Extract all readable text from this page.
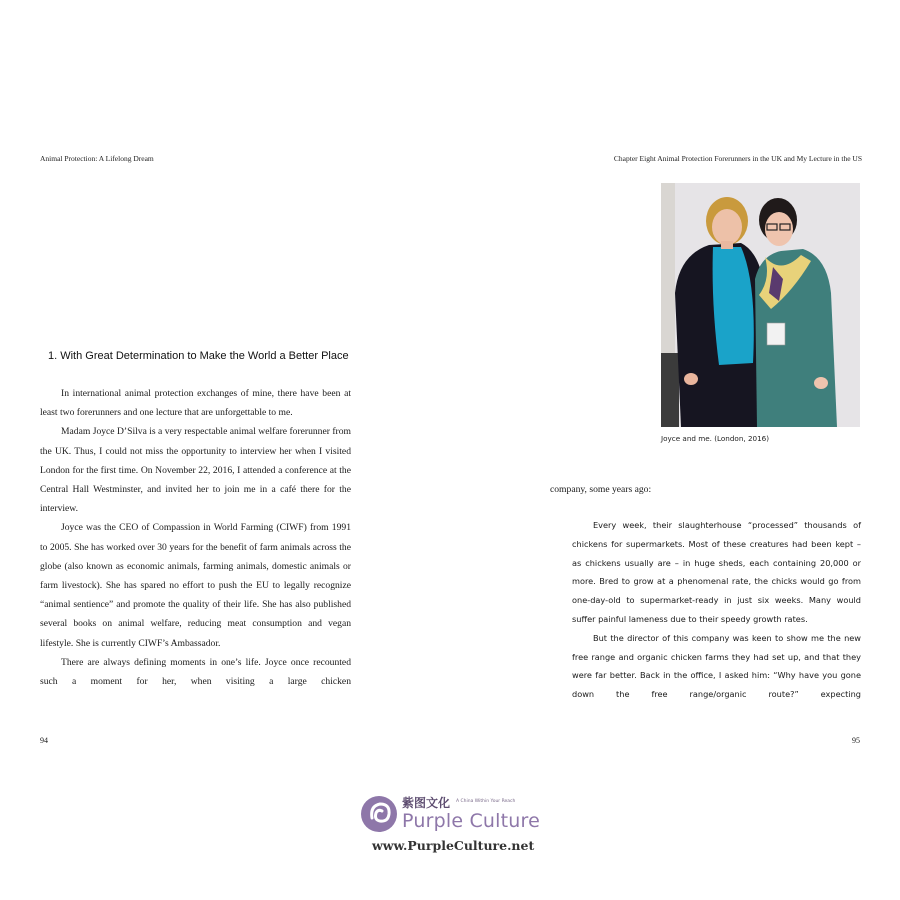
Animal Protection: A Lifelong Dream	Chapter Eight Animal Protection Forerunners in the UK and My Lecture in the US
1. With Great Determination to Make the World a Better Place

In international animal protection exchanges of mine, there have been at least two forerunners and one lecture that are unforgettable to me.

Madam Joyce D’Silva is a very respectable animal welfare forerunner from the UK. Thus, I could not miss the opportunity to interview her when I visited London for the first time. On November 22, 2016, I attended a conference at the Central Hall Westminster, and invited her to join me in a café there for the interview.

Joyce was the CEO of Compassion in World Farming (CIWF) from 1991 to 2005. She has worked over 30 years for the benefit of farm animals across the globe (also known as economic animals, farming animals, domestic animals or farm livestock). She has spared no effort to push the EU to legally recognize “animal sentience” and promote the quality of their life. She has also published several books on animal welfare, reducing meat consumption and vegan lifestyle. She is currently CIWF’s Ambassador.

There are always defining moments in one’s life. Joyce once recounted such a moment for her, when visiting a large chicken

94
Joyce and me. (London, 2016)
company, some years ago:

Every week, their slaughterhouse “processed” thousands of chickens for supermarkets. Most of these creatures had been kept – as chickens usually are – in huge sheds, each containing 20,000 or more. Bred to grow at a phenomenal rate, the chicks would go from one-day-old to supermarket-ready in just six weeks. Many would suffer painful lameness due to their speedy growth rates.

But the director of this company was keen to show me the new free range and organic chicken farms they had set up, and that they were far better. Back in the office, I asked him: “Why have you gone down the free range/organic route?” expecting

95
紫图文化 A China Within Your Reach
Purple Culture
www.PurpleCulture.net
